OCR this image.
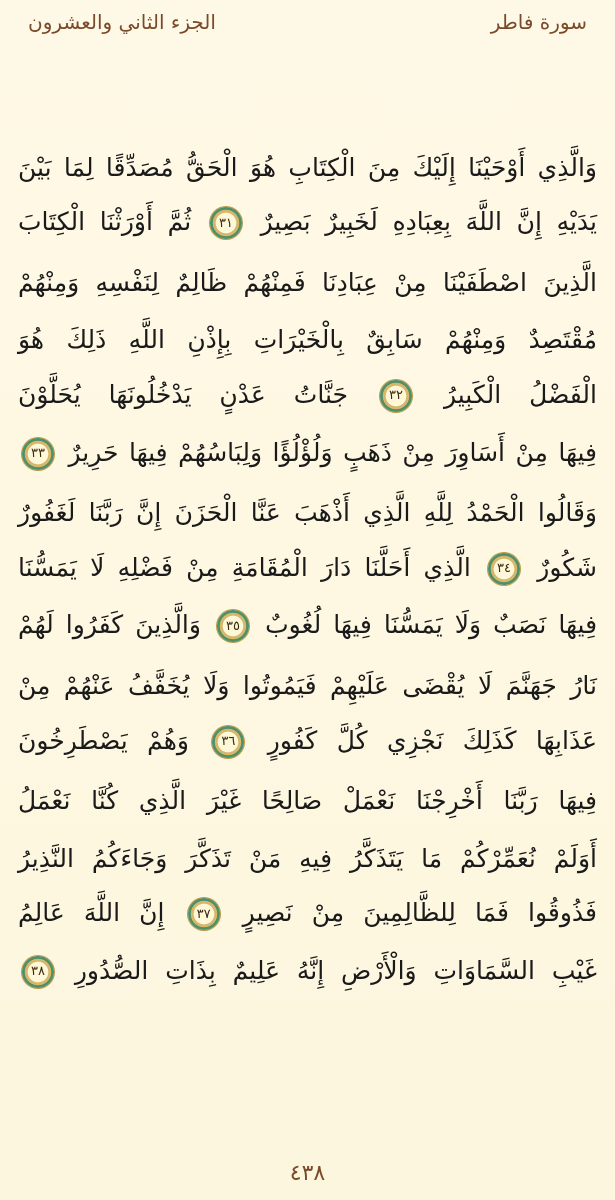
سورة فاطر
الجزء الثاني والعشرون
وَالَّذِي أَوْحَيْنَا إِلَيْكَ مِنَ الْكِتَابِ هُوَ الْحَقُّ مُصَدِّقًا لِمَا بَيْنَ
يَدَيْهِ إِنَّ اللَّهَ بِعِبَادِهِ لَخَبِيرٌ بَصِيرٌ ٣١ ثُمَّ أَوْرَثْنَا الْكِتَابَ
الَّذِينَ اصْطَفَيْنَا مِنْ عِبَادِنَا فَمِنْهُمْ ظَالِمٌ لِنَفْسِهِ وَمِنْهُمْ
مُقْتَصِدٌ وَمِنْهُمْ سَابِقٌ بِالْخَيْرَاتِ بِإِذْنِ اللَّهِ ذَلِكَ هُوَ
الْفَضْلُ الْكَبِيرُ ٣٢ جَنَّاتُ عَدْنٍ يَدْخُلُونَهَا يُحَلَّوْنَ
فِيهَا مِنْ أَسَاوِرَ مِنْ ذَهَبٍ وَلُؤْلُؤًا وَلِبَاسُهُمْ فِيهَا حَرِيرٌ ٣٣
وَقَالُوا الْحَمْدُ لِلَّهِ الَّذِي أَذْهَبَ عَنَّا الْحَزَنَ إِنَّ رَبَّنَا لَغَفُورٌ
شَكُورٌ ٣٤ الَّذِي أَحَلَّنَا دَارَ الْمُقَامَةِ مِنْ فَضْلِهِ لَا يَمَسُّنَا
فِيهَا نَصَبٌ وَلَا يَمَسُّنَا فِيهَا لُغُوبٌ ٣٥ وَالَّذِينَ كَفَرُوا لَهُمْ
نَارُ جَهَنَّمَ لَا يُقْضَى عَلَيْهِمْ فَيَمُوتُوا وَلَا يُخَفَّفُ عَنْهُمْ مِنْ
عَذَابِهَا كَذَلِكَ نَجْزِي كُلَّ كَفُورٍ ٣٦ وَهُمْ يَصْطَرِخُونَ
فِيهَا رَبَّنَا أَخْرِجْنَا نَعْمَلْ صَالِحًا غَيْرَ الَّذِي كُنَّا نَعْمَلُ
أَوَلَمْ نُعَمِّرْكُمْ مَا يَتَذَكَّرُ فِيهِ مَنْ تَذَكَّرَ وَجَاءَكُمُ النَّذِيرُ
فَذُوقُوا فَمَا لِلظَّالِمِينَ مِنْ نَصِيرٍ ٣٧ إِنَّ اللَّهَ عَالِمُ
غَيْبِ السَّمَاوَاتِ وَالْأَرْضِ إِنَّهُ عَلِيمٌ بِذَاتِ الصُّدُورِ ٣٨
٤٣٨
